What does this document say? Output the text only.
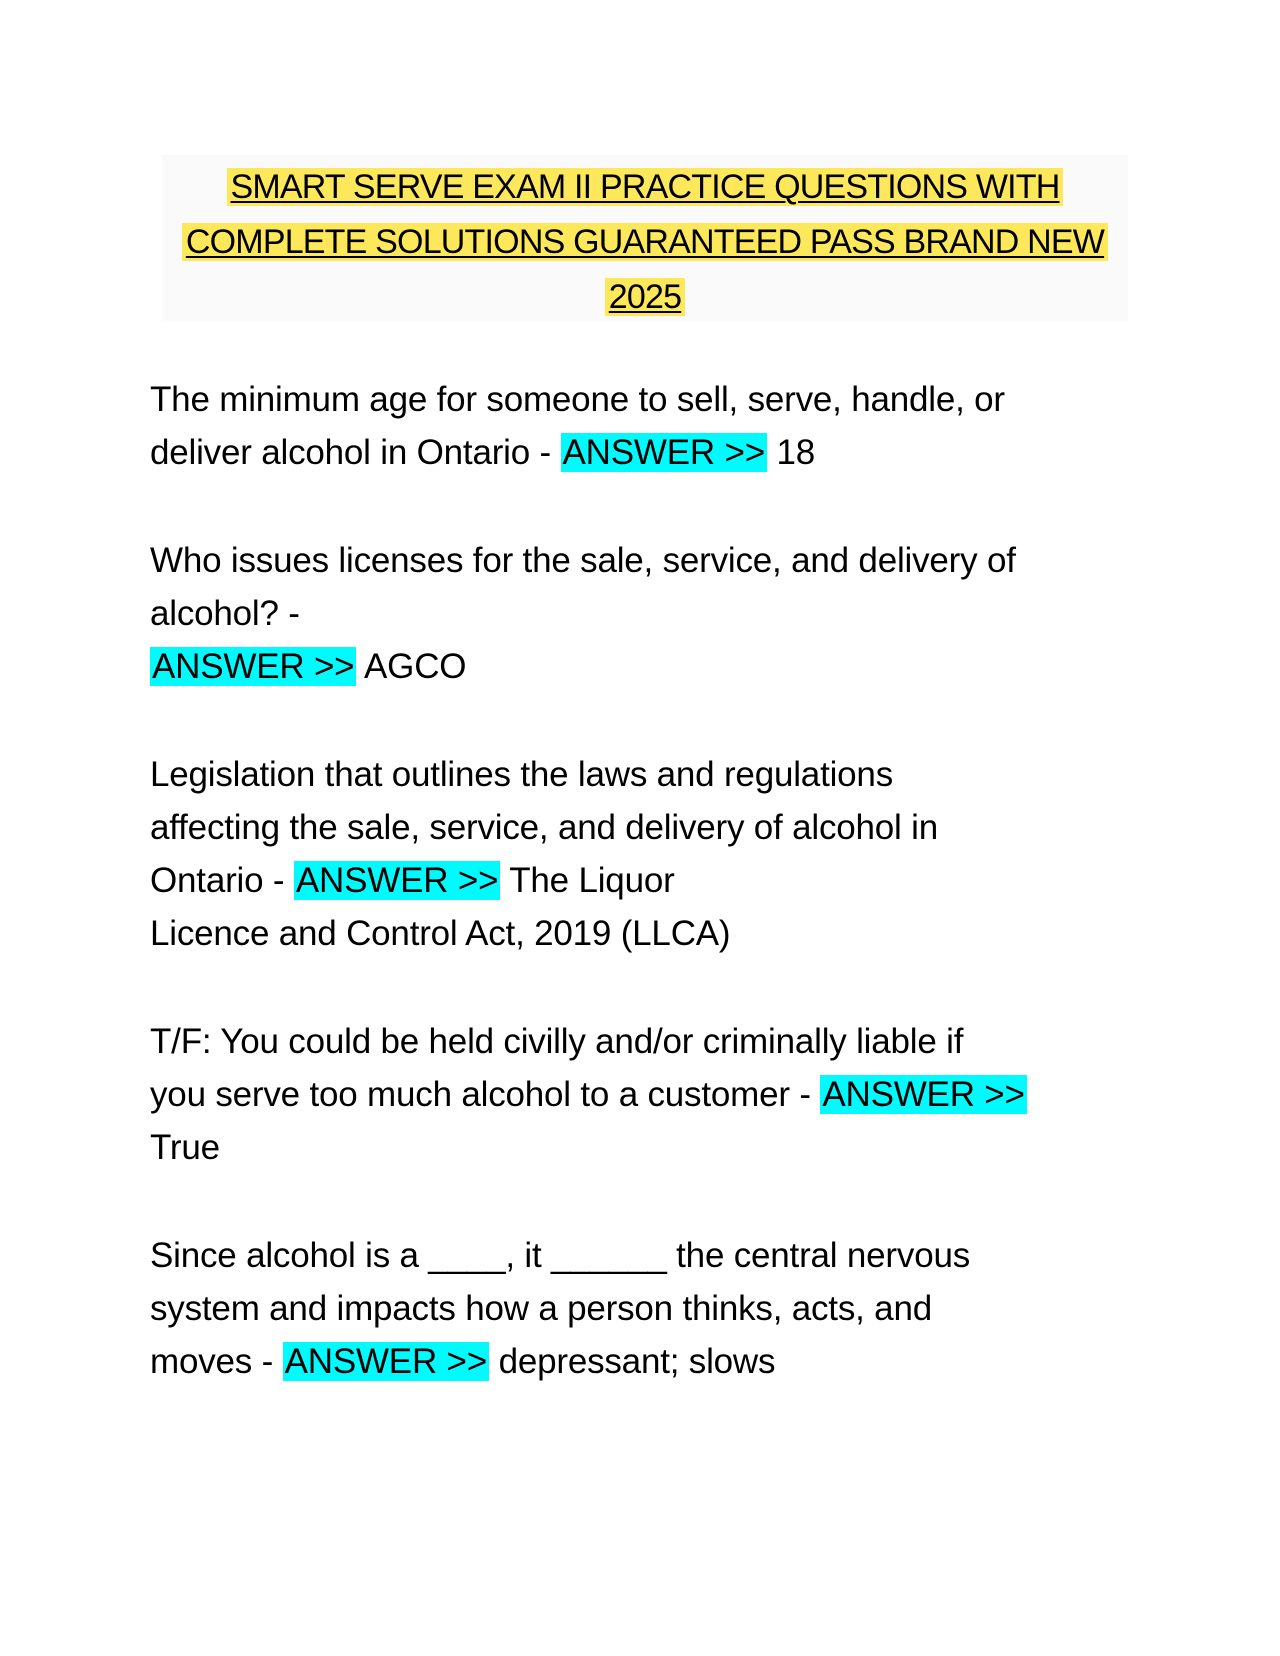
SMART SERVE EXAM II PRACTICE QUESTIONS WITH
COMPLETE SOLUTIONS GUARANTEED PASS BRAND NEW
2025
The minimum age for someone to sell, serve, handle, or
deliver alcohol in Ontario - ANSWER >> 18
Who issues licenses for the sale, service, and delivery of
alcohol? -
ANSWER >> AGCO
Legislation that outlines the laws and regulations
affecting the sale, service, and delivery of alcohol in
Ontario - ANSWER >> The Liquor
Licence and Control Act, 2019 (LLCA)
T/F: You could be held civilly and/or criminally liable if
you serve too much alcohol to a customer - ANSWER >>
True
Since alcohol is a ____, it ______ the central nervous
system and impacts how a person thinks, acts, and
moves - ANSWER >> depressant; slows
